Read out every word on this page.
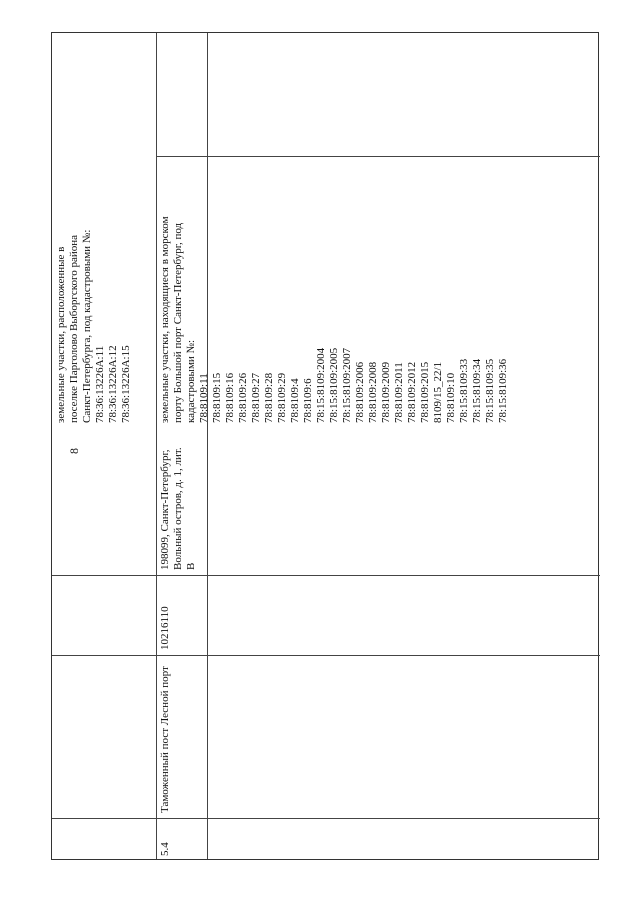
8
5.4
Таможенный пост Лесной порт
10216110
198099, Санкт-Петербург, Вольный остров, д. 1, лит. В
земельные участки, расположенные в поселке Парголово Выборгского района Санкт-Петербурга, под кадастровыми №: 78:36:13226А:11 78:36:13226А:12 78:36:13226А:15 земельные участки, находящиеся в морском порту Большой порт Санкт-Петербург, под кадастровыми №: 78:8109:11 78:8109:15 78:8109:16 78:8109:26 78:8109:27 78:8109:28 78:8109:29 78:8109:4 78:8109:6 78:15:8109:2004 78:15:8109:2005 78:15:8109:2007 78:8109:2006 78:8109:2008 78:8109:2009 78:8109:2011 78:8109:2012 78:8109:2015 8109/15_22/1 78:8109:10 78:15:8109:33 78:15:8109:34 78:15:8109:35 78:15:8109:36
